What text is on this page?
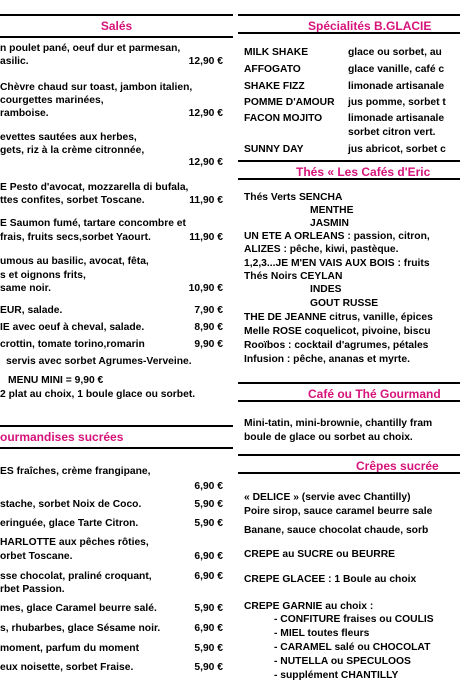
Salés
n poulet pané, oeuf dur et parmesan,
asilic.	12,90 €
Chèvre chaud sur toast, jambon italien,
courgettes marinées,
ramboise.	12,90 €
evettes sautées aux herbes,
gets, riz à la crème citronnée,
12,90 €
E Pesto d'avocat, mozzarella di bufala,
ttes confites, sorbet Toscane.	11,90 €
E Saumon fumé, tartare concombre et
frais, fruits secs,sorbet Yaourt.	11,90 €
umous au basilic, avocat, fêta,
s et oignons frits,
same noir.	10,90 €
EUR, salade.	7,90 €
IE avec oeuf à cheval, salade.	8,90 €
crottin, tomate torino,romarin	9,90 €
servis avec sorbet Agrumes-Verveine.
MENU MINI = 9,90 €
2 plat au choix, 1 boule glace ou sorbet.
ourmandises sucrées
ES fraîches, crème frangipane,
6,90 €
stache, sorbet Noix de Coco.	5,90 €
eringuée, glace Tarte Citron.	5,90 €
HARLOTTE aux pêches rôties,
orbet Toscane.	6,90 €
sse chocolat, praliné croquant,
rbet Passion.
6,90 €
mes, glace Caramel beurre salé.	5,90 €
s, rhubarbes, glace Sésame noir.	6,90 €
moment, parfum du moment	5,90 €
eux noisette, sorbet Fraise.	5,90 €
Spécialités B.GLACIE
MILK SHAKE	glace ou sorbet, au
AFFOGATO	glace vanille, café c
SHAKE FIZZ	limonade artisanale
POMME D'AMOUR jus pomme, sorbet t
FACON MOJITO	limonade artisanale
sorbet citron vert.
SUNNY DAY	jus abricot, sorbet c
Thés « Les Cafés d'Eric
Thés Verts SENCHA
MENTHE
JASMIN
UN ETE A ORLEANS : passion, citron,
ALIZES : pêche, kiwi, pastèque.
1,2,3...JE M'EN VAIS AUX BOIS : fruits
Thés Noirs CEYLAN
INDES
GOUT RUSSE
THE DE JEANNE citrus, vanille, épices
Melle ROSE coquelicot, pivoine, biscu
Rooïbos : cocktail d'agrumes, pétales
Infusion : pêche, ananas et myrte.
Café ou Thé Gourmand
Mini-tatin, mini-brownie, chantilly fram
boule de glace ou sorbet au choix.
Crêpes sucrée
« DELICE » (servie avec Chantilly)
Poire sirop, sauce caramel beurre sale
Banane, sauce chocolat chaude, sorb
CREPE au SUCRE ou BEURRE
CREPE GLACEE : 1 Boule au choix
CREPE GARNIE au choix :
- CONFITURE fraises ou COULIS
- MIEL toutes fleurs
- CARAMEL salé ou CHOCOLAT
- NUTELLA ou SPECULOOS
- supplément CHANTILLY
